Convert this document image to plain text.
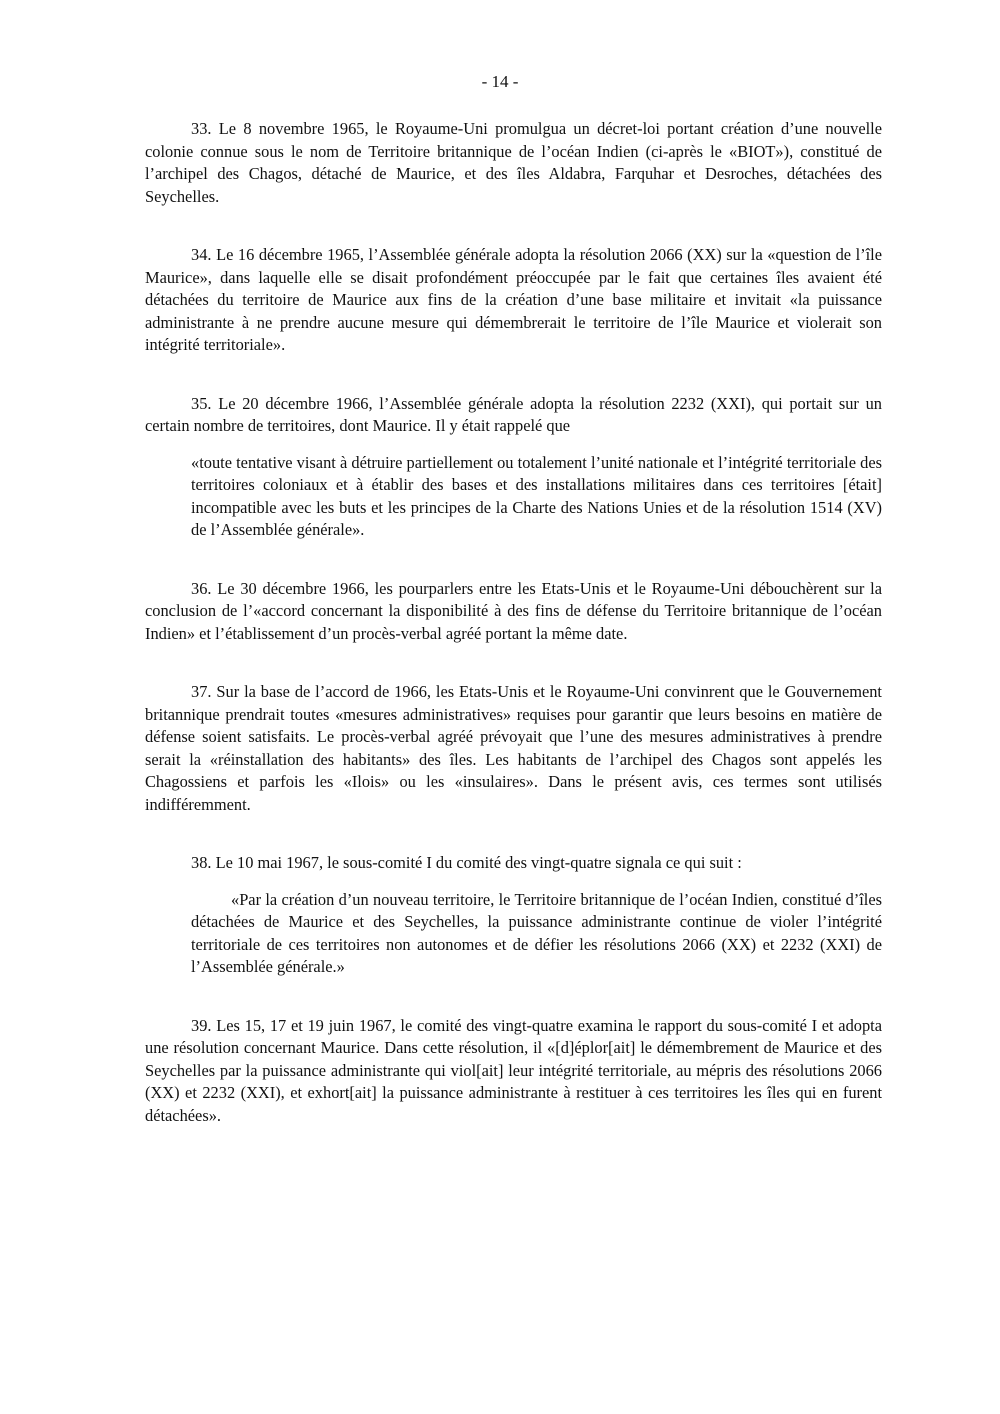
- 14 -

33. Le 8 novembre 1965, le Royaume-Uni promulgua un décret-loi portant création d’une nouvelle colonie connue sous le nom de Territoire britannique de l’océan Indien (ci-après le «BIOT»), constitué de l’archipel des Chagos, détaché de Maurice, et des îles Aldabra, Farquhar et Desroches, détachées des Seychelles.

34. Le 16 décembre 1965, l’Assemblée générale adopta la résolution 2066 (XX) sur la «question de l’île Maurice», dans laquelle elle se disait profondément préoccupée par le fait que certaines îles avaient été détachées du territoire de Maurice aux fins de la création d’une base militaire et invitait «la puissance administrante à ne prendre aucune mesure qui démembrerait le territoire de l’île Maurice et violerait son intégrité territoriale».

35. Le 20 décembre 1966, l’Assemblée générale adopta la résolution 2232 (XXI), qui portait sur un certain nombre de territoires, dont Maurice. Il y était rappelé que

«toute tentative visant à détruire partiellement ou totalement l’unité nationale et l’intégrité territoriale des territoires coloniaux et à établir des bases et des installations militaires dans ces territoires [était] incompatible avec les buts et les principes de la Charte des Nations Unies et de la résolution 1514 (XV) de l’Assemblée générale».

36. Le 30 décembre 1966, les pourparlers entre les Etats-Unis et le Royaume-Uni débouchèrent sur la conclusion de l’«accord concernant la disponibilité à des fins de défense du Territoire britannique de l’océan Indien» et l’établissement d’un procès-verbal agréé portant la même date.

37. Sur la base de l’accord de 1966, les Etats-Unis et le Royaume-Uni convinrent que le Gouvernement britannique prendrait toutes «mesures administratives» requises pour garantir que leurs besoins en matière de défense soient satisfaits. Le procès-verbal agréé prévoyait que l’une des mesures administratives à prendre serait la «réinstallation des habitants» des îles. Les habitants de l’archipel des Chagos sont appelés les Chagossiens et parfois les «Ilois» ou les «insulaires». Dans le présent avis, ces termes sont utilisés indifféremment.

38. Le 10 mai 1967, le sous-comité I du comité des vingt-quatre signala ce qui suit :

«Par la création d’un nouveau territoire, le Territoire britannique de l’océan Indien, constitué d’îles détachées de Maurice et des Seychelles, la puissance administrante continue de violer l’intégrité territoriale de ces territoires non autonomes et de défier les résolutions 2066 (XX) et 2232 (XXI) de l’Assemblée générale.»

39. Les 15, 17 et 19 juin 1967, le comité des vingt-quatre examina le rapport du sous-comité I et adopta une résolution concernant Maurice. Dans cette résolution, il «[d]éplor[ait] le démembrement de Maurice et des Seychelles par la puissance administrante qui viol[ait] leur intégrité territoriale, au mépris des résolutions 2066 (XX) et 2232 (XXI), et exhort[ait] la puissance administrante à restituer à ces territoires les îles qui en furent détachées».
